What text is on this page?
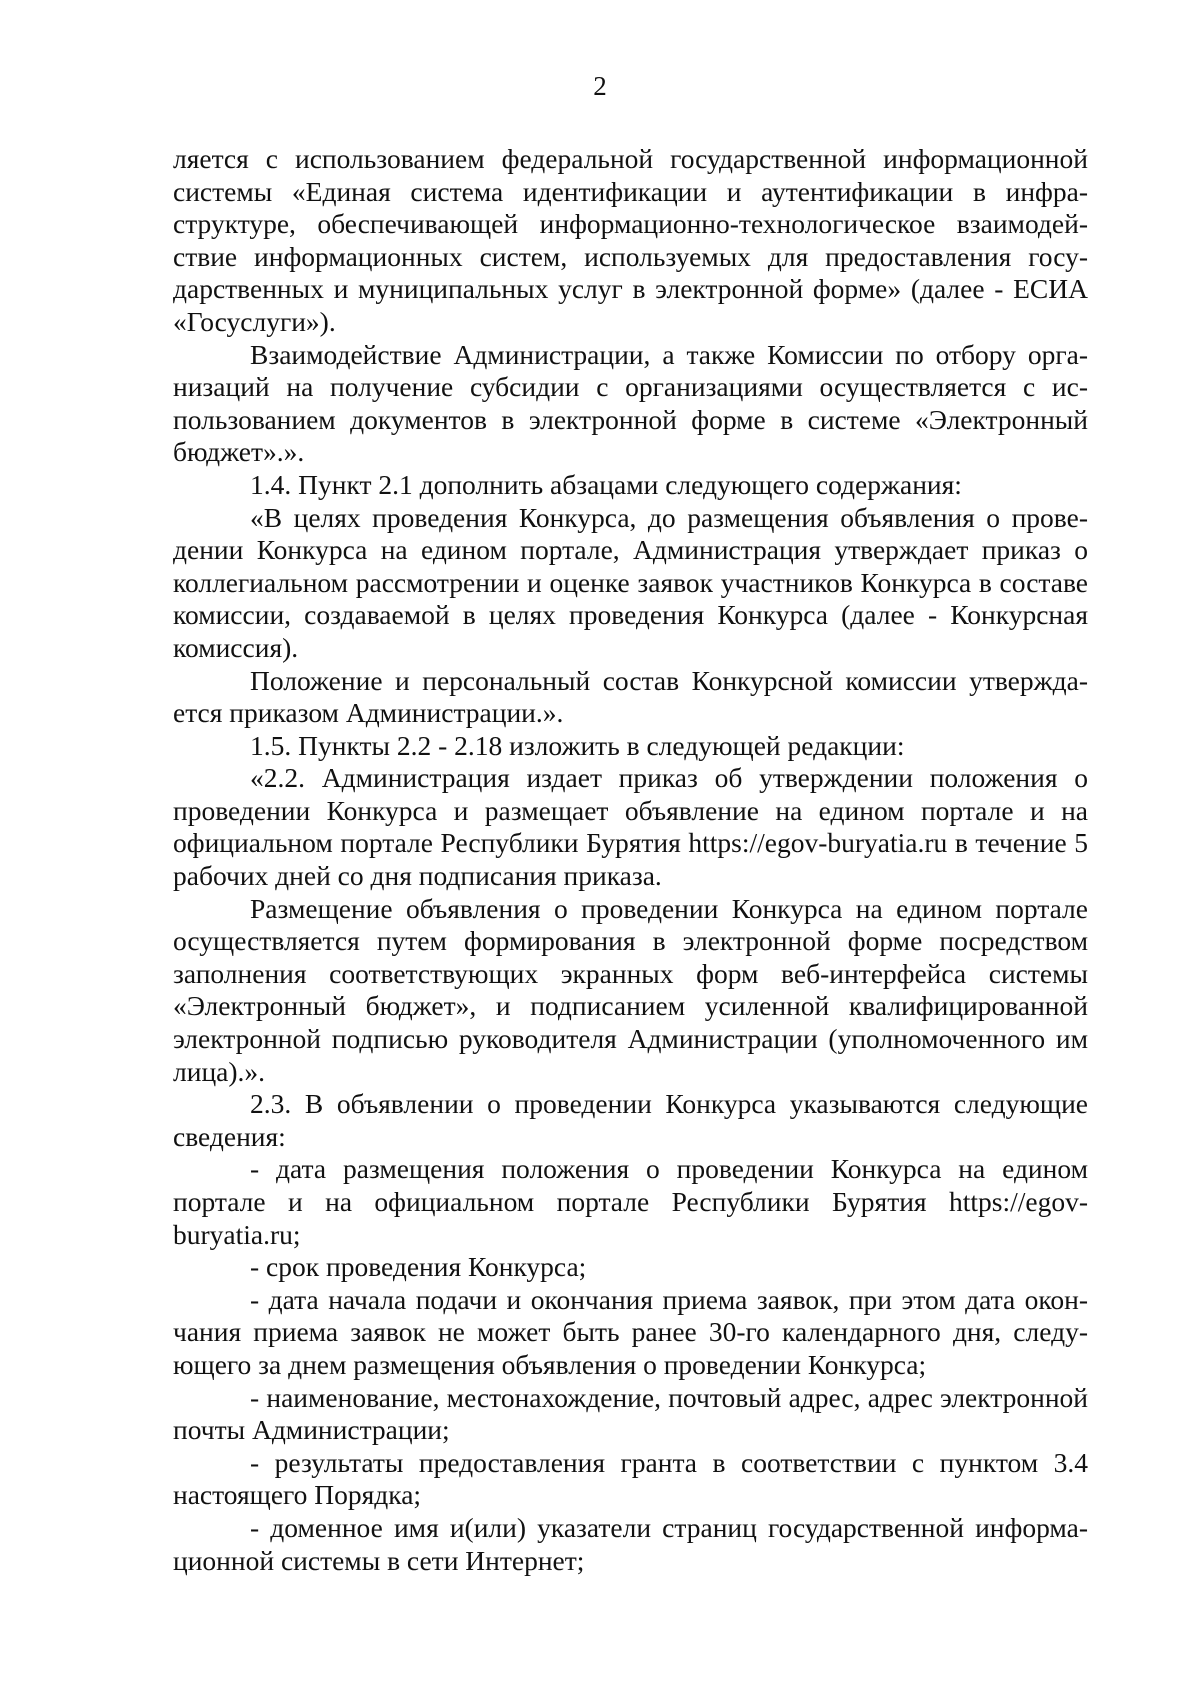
2

ляется с использованием федеральной государственной информационной системы «Единая система идентификации и аутентификации в инфраструктуре, обеспечивающей информационно-технологическое взаимодействие информационных систем, используемых для предоставления государственных и муниципальных услуг в электронной форме» (далее - ЕСИА «Госуслуги»).

Взаимодействие Администрации, а также Комиссии по отбору организаций на получение субсидии с организациями осуществляется с использованием документов в электронной форме в системе «Электронный бюджет».».

1.4. Пункт 2.1 дополнить абзацами следующего содержания:

«В целях проведения Конкурса, до размещения объявления о проведении Конкурса на едином портале, Администрация утверждает приказ о коллегиальном рассмотрении и оценке заявок участников Конкурса в составе комиссии, создаваемой в целях проведения Конкурса (далее - Конкурсная комиссия).

Положение и персональный состав Конкурсной комиссии утверждается приказом Администрации.».

1.5. Пункты 2.2 - 2.18 изложить в следующей редакции:

«2.2. Администрация издает приказ об утверждении положения о проведении Конкурса и размещает объявление на едином портале и на официальном портале Республики Бурятия https://egov-buryatia.ru в течение 5 рабочих дней со дня подписания приказа.

Размещение объявления о проведении Конкурса на едином портале осуществляется путем формирования в электронной форме посредством заполнения соответствующих экранных форм веб-интерфейса системы «Электронный бюджет», и подписанием усиленной квалифицированной электронной подписью руководителя Администрации (уполномоченного им лица).».

2.3. В объявлении о проведении Конкурса указываются следующие сведения:

- дата размещения положения о проведении Конкурса на едином портале и на официальном портале Республики Бурятия https://egov-buryatia.ru;

- срок проведения Конкурса;

- дата начала подачи и окончания приема заявок, при этом дата окончания приема заявок не может быть ранее 30-го календарного дня, следующего за днем размещения объявления о проведении Конкурса;

- наименование, местонахождение, почтовый адрес, адрес электронной почты Администрации;

- результаты предоставления гранта в соответствии с пунктом 3.4 настоящего Порядка;

- доменное имя и(или) указатели страниц государственной информационной системы в сети Интернет;
